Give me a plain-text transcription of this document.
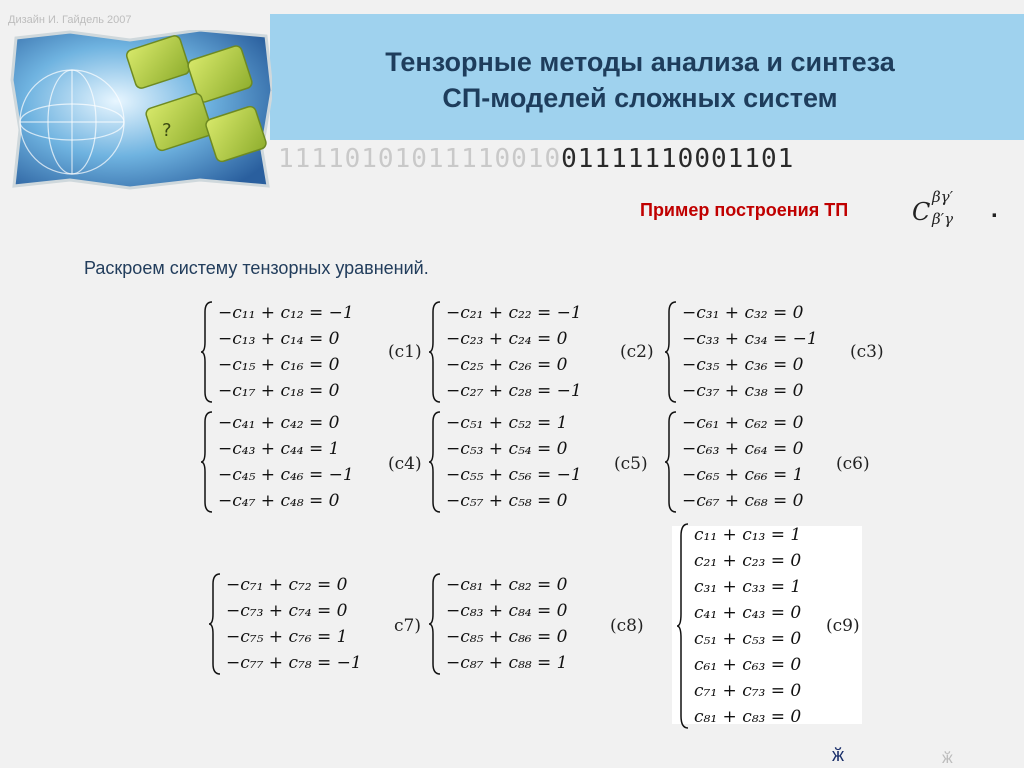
?
Дизайн И. Гайдель 2007
Тензорные методы анализа и синтеза
СП-моделей сложных систем
1111010101111001001111110001101
Пример построения ТП	C
βγ′
β′γ .
Раскроем систему тензорных уравнений.
−c₁₁ + c₁₂ = −1
−c₁₃ + c₁₄ = 0
−c₁₅ + c₁₆ = 0
−c₁₇ + c₁₈ = 0
(c1)
−c₂₁ + c₂₂ = −1
−c₂₃ + c₂₄ = 0
−c₂₅ + c₂₆ = 0
−c₂₇ + c₂₈ = −1
(c2)
−c₃₁ + c₃₂ = 0
−c₃₃ + c₃₄ = −1
−c₃₅ + c₃₆ = 0
−c₃₇ + c₃₈ = 0
(c3)
−c₄₁ + c₄₂ = 0
−c₄₃ + c₄₄ = 1
−c₄₅ + c₄₆ = −1
−c₄₇ + c₄₈ = 0
(c4)
−c₅₁ + c₅₂ = 1
−c₅₃ + c₅₄ = 0
−c₅₅ + c₅₆ = −1
−c₅₇ + c₅₈ = 0
(c5)
−c₆₁ + c₆₂ = 0
−c₆₃ + c₆₄ = 0
−c₆₅ + c₆₆ = 1
−c₆₇ + c₆₈ = 0
(c6)
−c₇₁ + c₇₂ = 0
−c₇₃ + c₇₄ = 0
−c₇₅ + c₇₆ = 1
−c₇₇ + c₇₈ = −1
c7)
−c₈₁ + c₈₂ = 0
−c₈₃ + c₈₄ = 0
−c₈₅ + c₈₆ = 0
−c₈₇ + c₈₈ = 1
(c8)
c₁₁ + c₁₃ = 1
c₂₁ + c₂₃ = 0
c₃₁ + c₃₃ = 1
c₄₁ + c₄₃ = 0
c₅₁ + c₅₃ = 0
c₆₁ + c₆₃ = 0
c₇₁ + c₇₃ = 0
c₈₁ + c₈₃ = 0
(c9)
ӂ	ӂ
